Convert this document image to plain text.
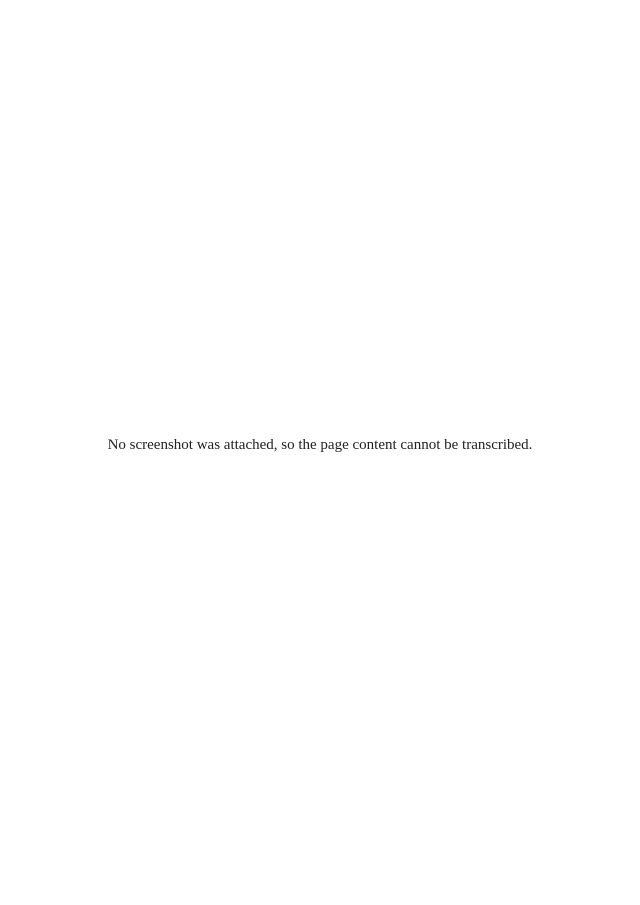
No screenshot was attached, so the page content cannot be transcribed.
